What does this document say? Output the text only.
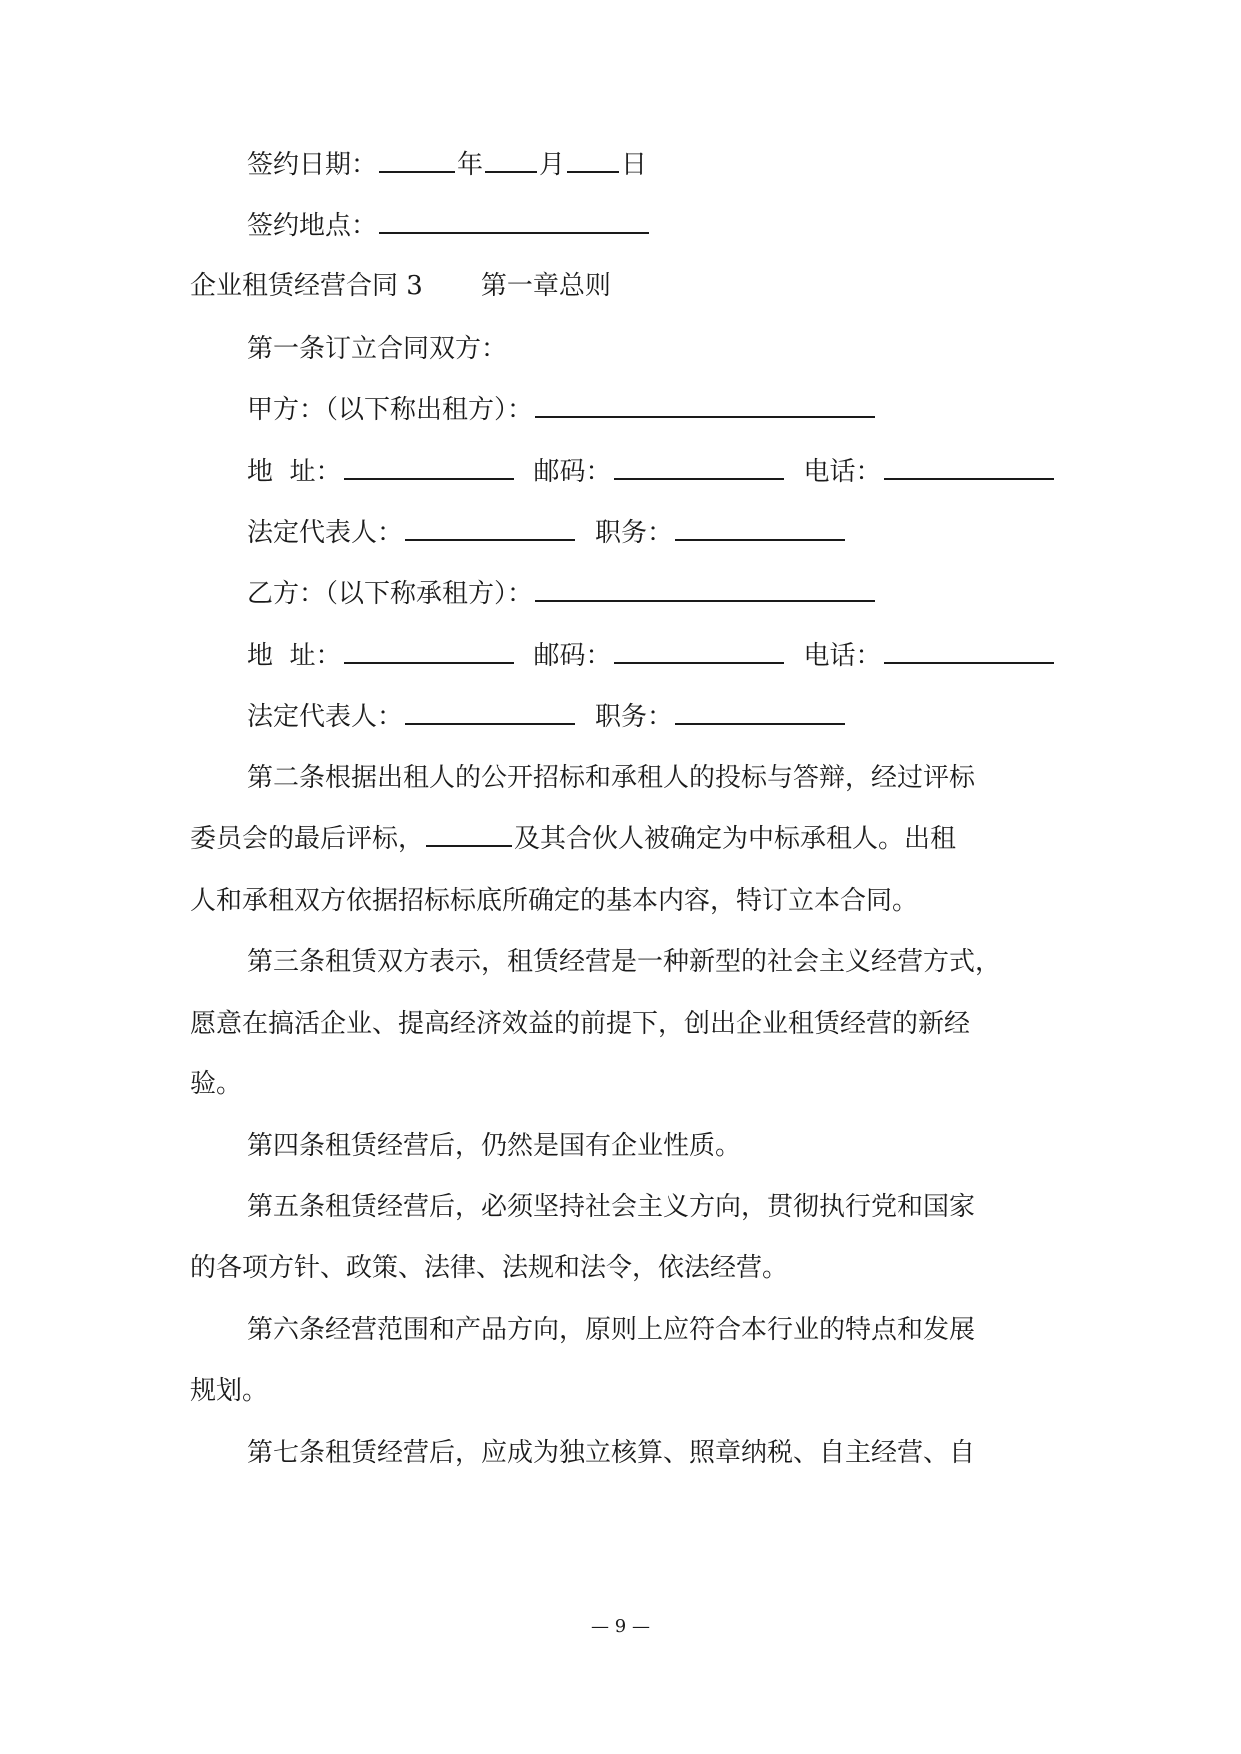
签约日期：	年 月 日
签约地点：
企业租赁经营合同 3 第一章总则
第一条订立合同双方：
甲方：（以下称出租方）：
地  址：	邮码：	电话：
法定代表人：	职务：
乙方：（以下称承租方）：
地  址：	邮码：	电话：
法定代表人：	职务：
第二条根据出租人的公开招标和承租人的投标与答辩，经过评标
委员会的最后评标，	及其合伙人被确定为中标承租人。出租
人和承租双方依据招标标底所确定的基本内容，特订立本合同。
第三条租赁双方表示，租赁经营是一种新型的社会主义经营方式，
愿意在搞活企业、提高经济效益的前提下，创出企业租赁经营的新经
验。
第四条租赁经营后，仍然是国有企业性质。
第五条租赁经营后，必须坚持社会主义方向，贯彻执行党和国家
的各项方针、政策、法律、法规和法令，依法经营。
第六条经营范围和产品方向，原则上应符合本行业的特点和发展
规划。
第七条租赁经营后，应成为独立核算、照章纳税、自主经营、自
— 9 —
